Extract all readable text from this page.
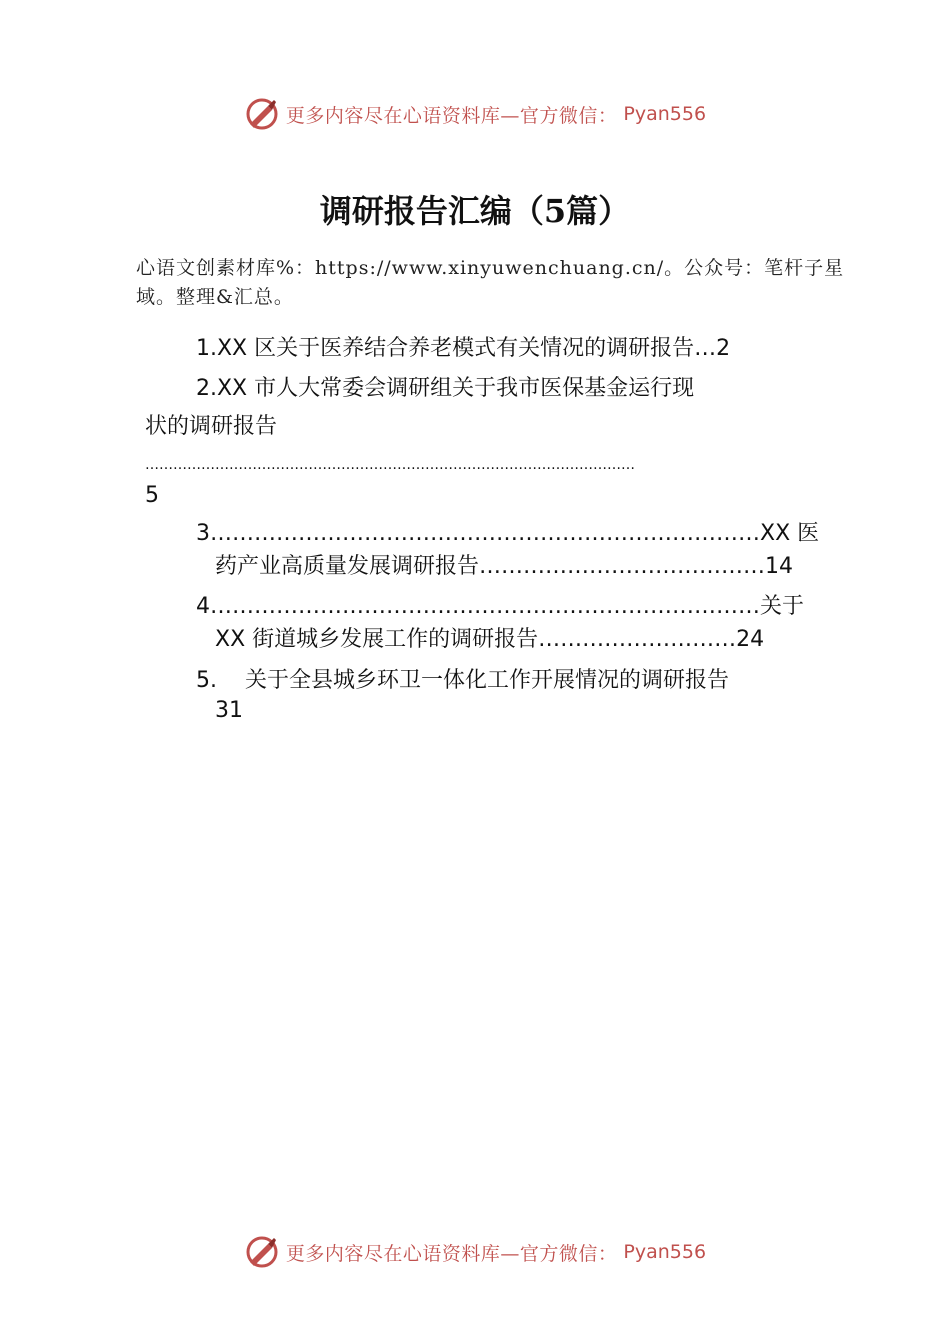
更多内容尽在心语资料库—官方微信： Pyan556
调研报告汇编（5篇）
心语文创素材库%：https://www.xinyuwenchuang.cn/。公众号：笔杆子星域。整理&汇总。
1.XX 区关于医养结合养老模式有关情况的调研报告…2
2.XX 市人大常委会调研组关于我市医保基金运行现
状的调研报告
……………………………………………………………………………………………
5
3…………………………………………………………………XX 医
药产业高质量发展调研报告…………………………………14
4…………………………………………………………………关于
XX 街道城乡发展工作的调研报告………………………24
5.    关于全县城乡环卫一体化工作开展情况的调研报告
31
更多内容尽在心语资料库—官方微信： Pyan556
